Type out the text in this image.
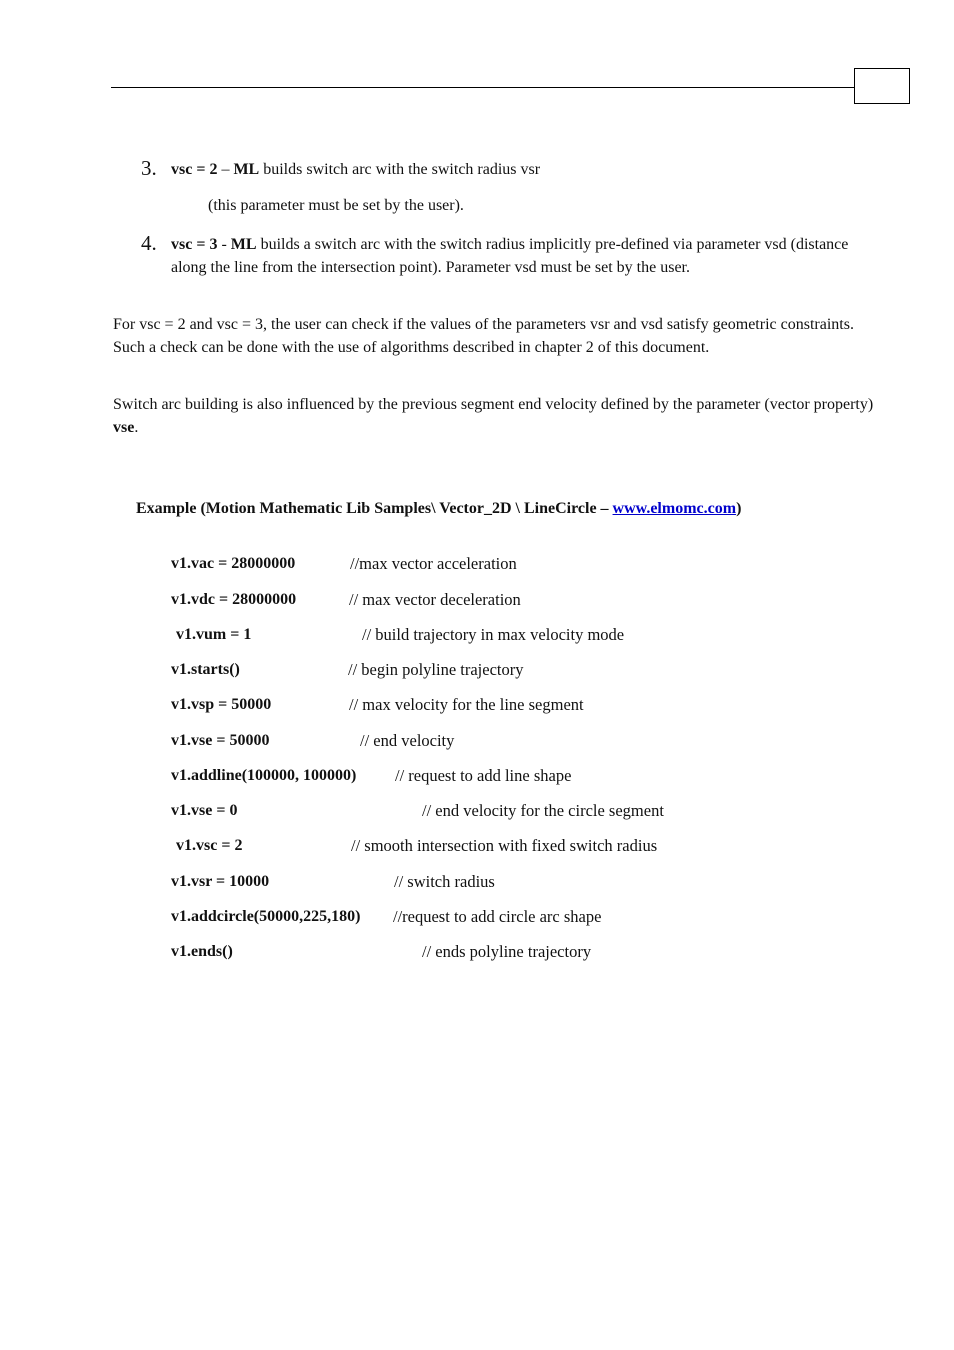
3. vsc = 2 – ML builds switch arc with the switch radius vsr
(this parameter must be set by the user).
4. vsc = 3 - ML builds a switch arc with the switch radius implicitly pre-defined via parameter vsd (distance along the line from the intersection point). Parameter vsd must be set by the user.
For vsc = 2 and vsc = 3, the user can check if the values of the parameters vsr and vsd satisfy geometric constraints. Such a check can be done with the use of algorithms described in chapter 2 of this document.
Switch arc building is also influenced by the previous segment end velocity defined by the parameter (vector property) vse.
Example (Motion Mathematic Lib Samples\ Vector_2D \ LineCircle – www.elmomc.com)
v1.vac = 28000000	//max vector acceleration
v1.vdc = 28000000	// max vector deceleration
v1.vum = 1	// build trajectory in max velocity mode
v1.starts()	// begin polyline trajectory
v1.vsp = 50000	// max velocity for the line segment
v1.vse = 50000	// end velocity
v1.addline(100000, 100000) // request to add line shape
v1.vse = 0	// end velocity for the circle segment
v1.vsc = 2	// smooth intersection with fixed switch radius
v1.vsr = 10000	// switch radius
v1.addcircle(50000,225,180) //request to add circle arc shape
v1.ends()	// ends polyline trajectory
